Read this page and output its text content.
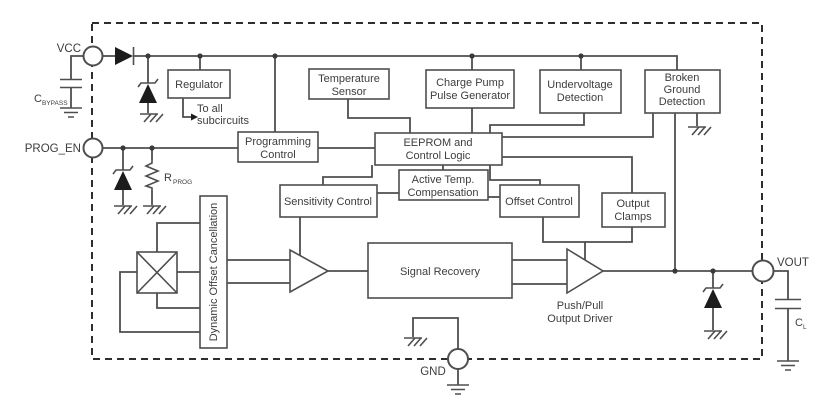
Regulator
Programming
Control
Temperature
Sensor
Charge Pump
Pulse Generator
Undervoltage
Detection
Broken
Ground
Detection
EEPROM and
Control Logic
Active Temp.
Compensation
Sensitivity Control	Offset Control	Output
Clamps
Signal Recovery
Dynamic Offset Cancellation
VCC
PROG_EN
GND
VOUT
C BYPASS
R PROG
C L
To all
subcircuits
Push/Pull
Output Driver
